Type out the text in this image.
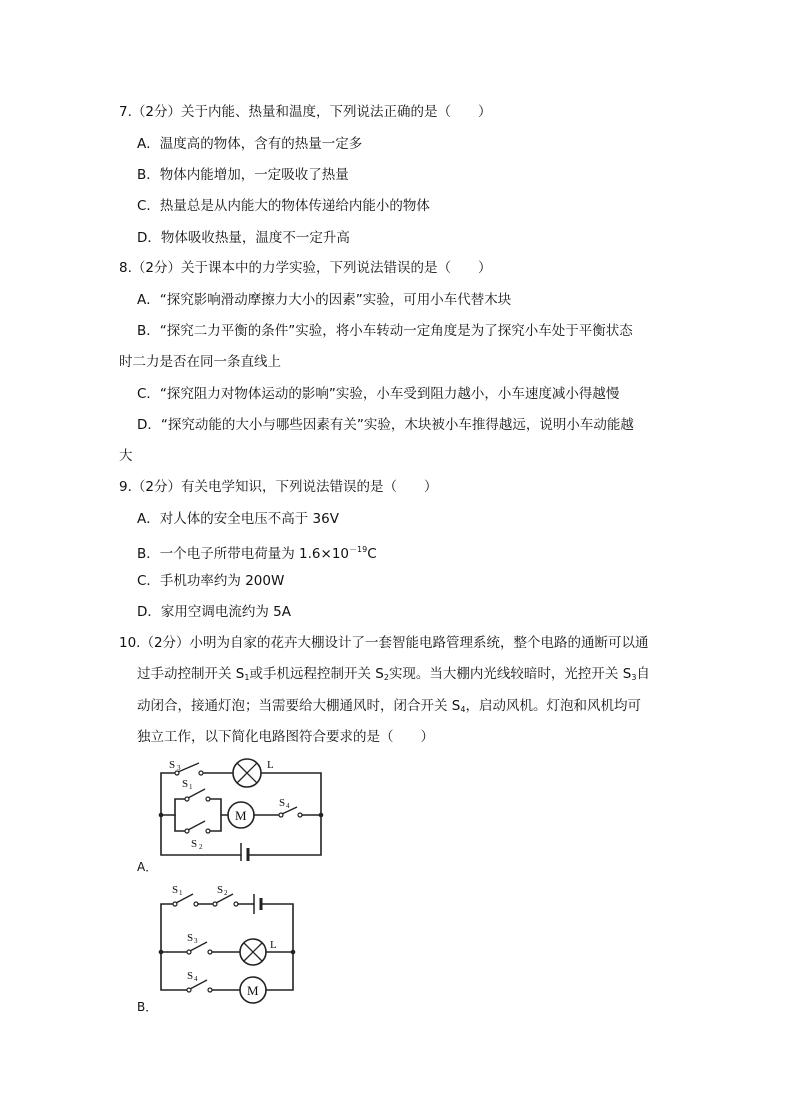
7.（2分）关于内能、热量和温度，下列说法正确的是（　　）
A．温度高的物体，含有的热量一定多
B．物体内能增加，一定吸收了热量
C．热量总是从内能大的物体传递给内能小的物体
D．物体吸收热量，温度不一定升高
8.（2分）关于课本中的力学实验，下列说法错误的是（　　）
A．“探究影响滑动摩擦力大小的因素”实验，可用小车代替木块
B．“探究二力平衡的条件”实验，将小车转动一定角度是为了探究小车处于平衡状态
时二力是否在同一条直线上
C．“探究阻力对物体运动的影响”实验，小车受到阻力越小，小车速度减小得越慢
D．“探究动能的大小与哪些因素有关”实验，木块被小车推得越远，说明小车动能越
大
9.（2分）有关电学知识，下列说法错误的是（　　）
A．对人体的安全电压不高于 36V
B．一个电子所带电荷量为 $1.6\times 10^{-19}C$
C．手机功率约为 200W
D．家用空调电流约为 5A
10.（2分）小明为自家的花卉大棚设计了一套智能电路管理系统，整个电路的通断可以通
过手动控制开关 $S_1$或手机远程控制开关 $S_2$实现。当大棚内光线较暗时，光控开关 $S_3$自
动闭合，接通灯泡；当需要给大棚通风时，闭合开关 $S_4$，启动风机。灯泡和风机均可
独立工作，以下简化电路图符合要求的是（　　）
S 3	L
S 1
S 2
M
S 4
A．
S 1	S 2
S 3	L
S 4
M
B．
